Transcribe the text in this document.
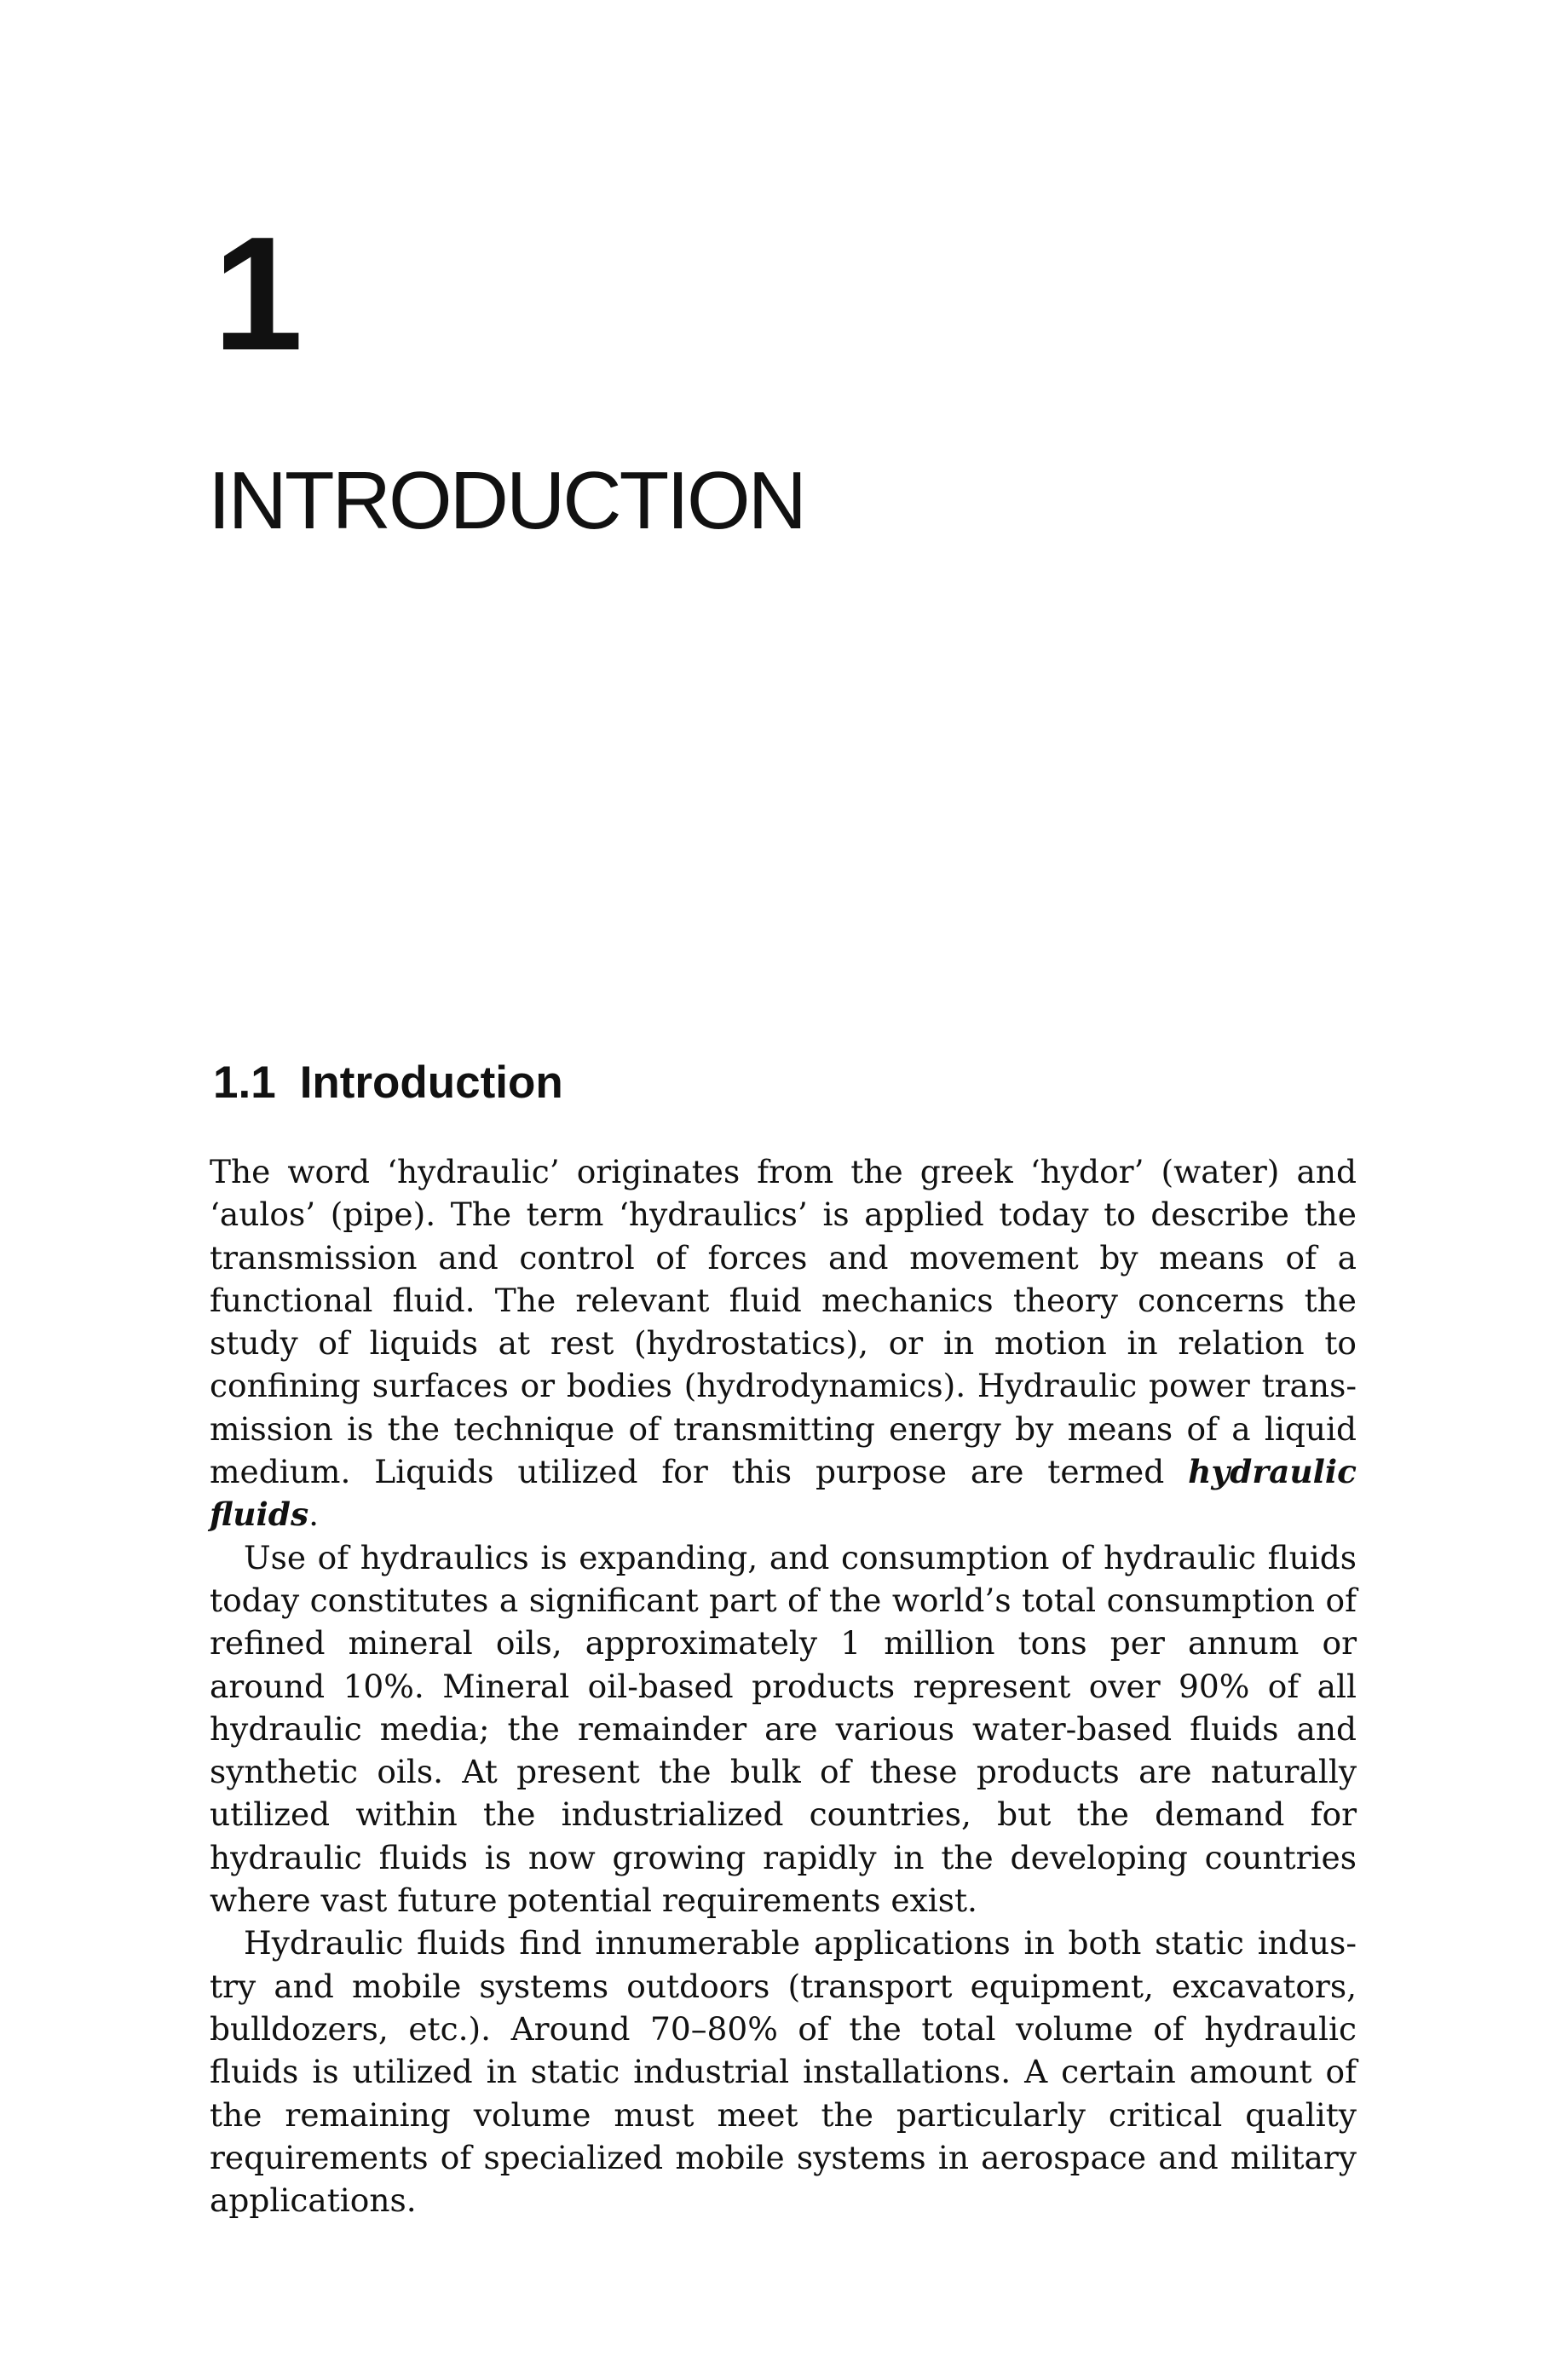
1
INTRODUCTION
1.1 Introduction

The word ‘hydraulic’ originates from the greek ‘hydor’ (water) and ‘aulos’ (pipe). The term ‘hydraulics’ is applied today to describe the transmission and control of forces and movement by means of a functional fluid. The relevant fluid mechanics theory concerns the study of liquids at rest (hydrostatics), or in motion in relation to confining surfaces or bodies (hydrodynamics). Hydraulic power transmission is the technique of transmitting energy by means of a liquid medium. Liquids utilized for this purpose are termed hydraulic fluids.

Use of hydraulics is expanding, and consumption of hydraulic fluids today constitutes a significant part of the world’s total consumption of refined mineral oils, approximately 1 million tons per annum or around 10%. Mineral oil-based products represent over 90% of all hydraulic media; the remainder are various water-based fluids and synthetic oils. At present the bulk of these products are naturally utilized within the industrialized countries, but the demand for hydraulic fluids is now growing rapidly in the developing countries where vast future potential requirements exist.

Hydraulic fluids find innumerable applications in both static industry and mobile systems outdoors (transport equipment, excavators, bulldozers, etc.). Around 70–80% of the total volume of hydraulic fluids is utilized in static industrial installations. A certain amount of the remaining volume must meet the particularly critical quality requirements of specialized mobile systems in aerospace and military applications.
